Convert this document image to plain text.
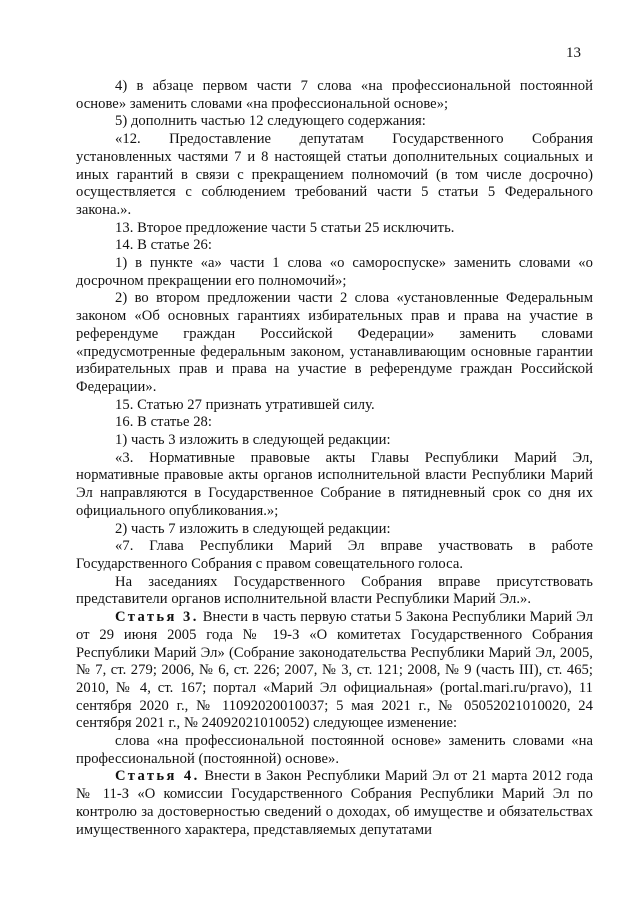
13

4) в абзаце первом части 7 слова «на профессиональной постоянной основе» заменить словами «на профессиональной основе»;

5) дополнить частью 12 следующего содержания:

«12. Предоставление депутатам Государственного Собрания установленных частями 7 и 8 настоящей статьи дополнительных социальных и иных гарантий в связи с прекращением полномочий (в том числе досрочно) осуществляется с соблюдением требований части 5 статьи 5 Федерального закона.».

13. Второе предложение части 5 статьи 25 исключить.

14. В статье 26:

1) в пункте «а» части 1 слова «о самороспуске» заменить словами «о досрочном прекращении его полномочий»;

2) во втором предложении части 2 слова «установленные Федеральным законом «Об основных гарантиях избирательных прав и права на участие в референдуме граждан Российской Федерации» заменить словами «предусмотренные федеральным законом, устанавливающим основные гарантии избирательных прав и права на участие в референдуме граждан Российской Федерации».

15. Статью 27 признать утратившей силу.

16. В статье 28:

1) часть 3 изложить в следующей редакции:

«3. Нормативные правовые акты Главы Республики Марий Эл, нормативные правовые акты органов исполнительной власти Республики Марий Эл направляются в Государственное Собрание в пятидневный срок со дня их официального опубликования.»;

2) часть 7 изложить в следующей редакции:

«7. Глава Республики Марий Эл вправе участвовать в работе Государственного Собрания с правом совещательного голоса.

На заседаниях Государственного Собрания вправе присутствовать представители органов исполнительной власти Республики Марий Эл.».

Статья 3. Внести в часть первую статьи 5 Закона Республики Марий Эл от 29 июня 2005 года № 19-З «О комитетах Государственного Собрания Республики Марий Эл» (Собрание законодательства Республики Марий Эл, 2005, № 7, ст. 279; 2006, № 6, ст. 226; 2007, № 3, ст. 121; 2008, № 9 (часть III), ст. 465; 2010, № 4, ст. 167; портал «Марий Эл официальная» (portal.mari.ru/pravo), 11 сентября 2020 г., № 11092020010037; 5 мая 2021 г., № 05052021010020, 24 сентября 2021 г., № 24092021010052) следующее изменение:

слова «на профессиональной постоянной основе» заменить словами «на профессиональной (постоянной) основе».

Статья 4. Внести в Закон Республики Марий Эл от 21 марта 2012 года № 11-З «О комиссии Государственного Собрания Республики Марий Эл по контролю за достоверностью сведений о доходах, об имуществе и обязательствах имущественного характера, представляемых депутатами
